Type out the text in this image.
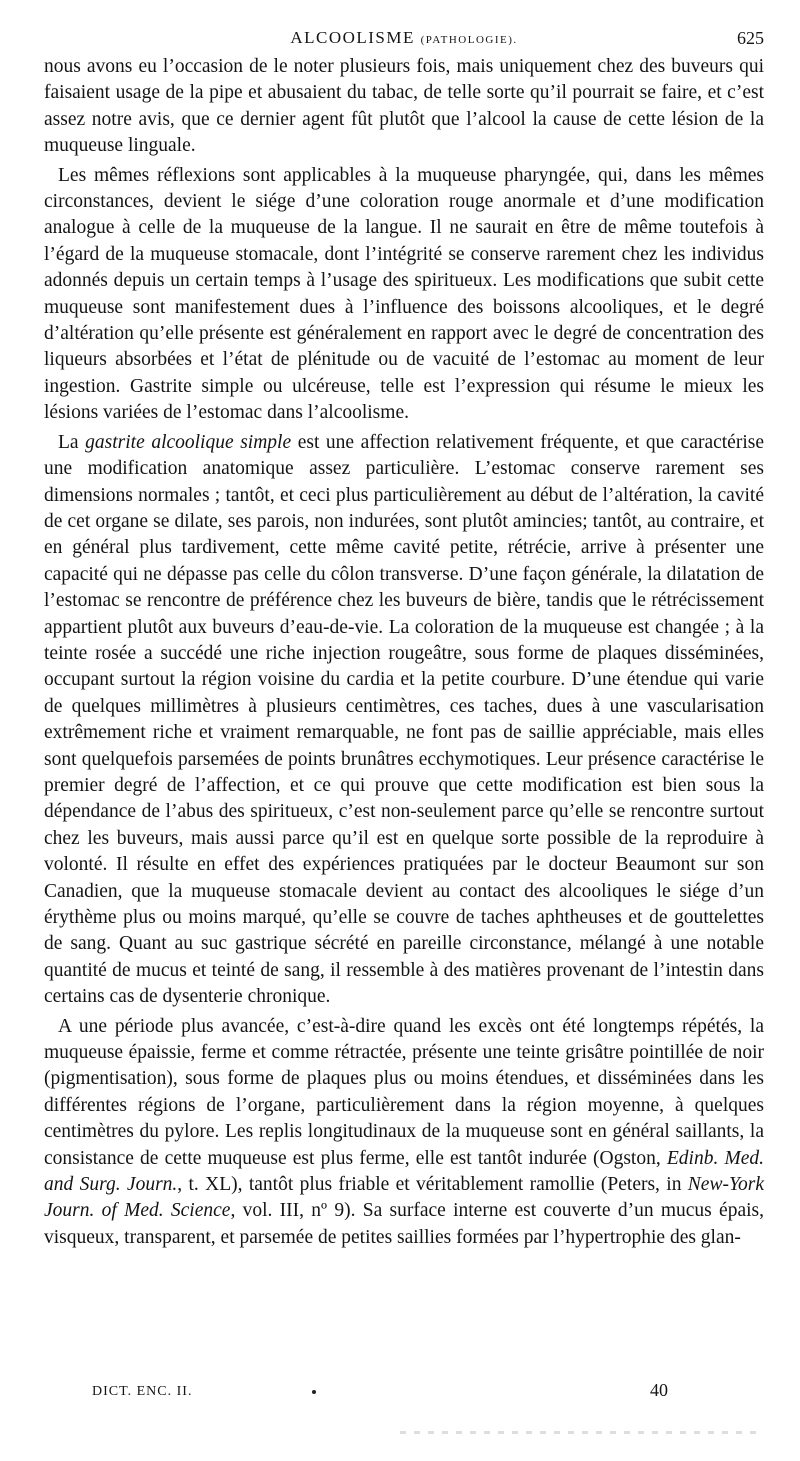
ALCOOLISME (PATHOLOGIE).	625

nous avons eu l’occasion de le noter plusieurs fois, mais uniquement chez des buveurs qui faisaient usage de la pipe et abusaient du tabac, de telle sorte qu’il pourrait se faire, et c’est assez notre avis, que ce dernier agent fût plutôt que l’alcool la cause de cette lésion de la muqueuse linguale.

Les mêmes réflexions sont applicables à la muqueuse pharyngée, qui, dans les mêmes circonstances, devient le siége d’une coloration rouge anormale et d’une modification analogue à celle de la muqueuse de la langue. Il ne saurait en être de même toutefois à l’égard de la muqueuse stomacale, dont l’intégrité se conserve rarement chez les individus adonnés depuis un certain temps à l’usage des spiritueux. Les modifications que subit cette muqueuse sont manifestement dues à l’influence des boissons alcooliques, et le degré d’altération qu’elle présente est généralement en rapport avec le degré de concentration des liqueurs absorbées et l’état de plénitude ou de vacuité de l’estomac au moment de leur ingestion. Gastrite simple ou ulcéreuse, telle est l’expression qui résume le mieux les lésions variées de l’estomac dans l’alcoolisme.

La gastrite alcoolique simple est une affection relativement fréquente, et que caractérise une modification anatomique assez particulière. L’estomac conserve rarement ses dimensions normales ; tantôt, et ceci plus particulièrement au début de l’altération, la cavité de cet organe se dilate, ses parois, non indurées, sont plutôt amincies; tantôt, au contraire, et en général plus tardivement, cette même cavité petite, rétrécie, arrive à présenter une capacité qui ne dépasse pas celle du côlon transverse. D’une façon générale, la dilatation de l’estomac se rencontre de préférence chez les buveurs de bière, tandis que le rétrécissement appartient plutôt aux buveurs d’eau-de-vie. La coloration de la muqueuse est changée ; à la teinte rosée a succédé une riche injection rougeâtre, sous forme de plaques disséminées, occupant surtout la région voisine du cardia et la petite courbure. D’une étendue qui varie de quelques millimètres à plusieurs centimètres, ces taches, dues à une vascularisation extrêmement riche et vraiment remarquable, ne font pas de saillie appréciable, mais elles sont quelquefois parsemées de points brunâtres ecchymotiques. Leur présence caractérise le premier degré de l’affection, et ce qui prouve que cette modification est bien sous la dépendance de l’abus des spiritueux, c’est non-seulement parce qu’elle se rencontre surtout chez les buveurs, mais aussi parce qu’il est en quelque sorte possible de la reproduire à volonté. Il résulte en effet des expériences pratiquées par le docteur Beaumont sur son Canadien, que la muqueuse stomacale devient au contact des alcooliques le siége d’un érythème plus ou moins marqué, qu’elle se couvre de taches aphtheuses et de gouttelettes de sang. Quant au suc gastrique sécrété en pareille circonstance, mélangé à une notable quantité de mucus et teinté de sang, il ressemble à des matières provenant de l’intestin dans certains cas de dysenterie chronique.

A une période plus avancée, c’est-à-dire quand les excès ont été longtemps répétés, la muqueuse épaissie, ferme et comme rétractée, présente une teinte grisâtre pointillée de noir (pigmentisation), sous forme de plaques plus ou moins étendues, et disséminées dans les différentes régions de l’organe, particulièrement dans la région moyenne, à quelques centimètres du pylore. Les replis longitudinaux de la muqueuse sont en général saillants, la consistance de cette muqueuse est plus ferme, elle est tantôt indurée (Ogston, Edinb. Med. and Surg. Journ., t. XL), tantôt plus friable et véritablement ramollie (Peters, in New-York Journ. of Med. Science, vol. III, nº 9). Sa surface interne est couverte d’un mucus épais, visqueux, transparent, et parsemée de petites saillies formées par l’hypertrophie des glan-

DICT. ENC. II.	40
